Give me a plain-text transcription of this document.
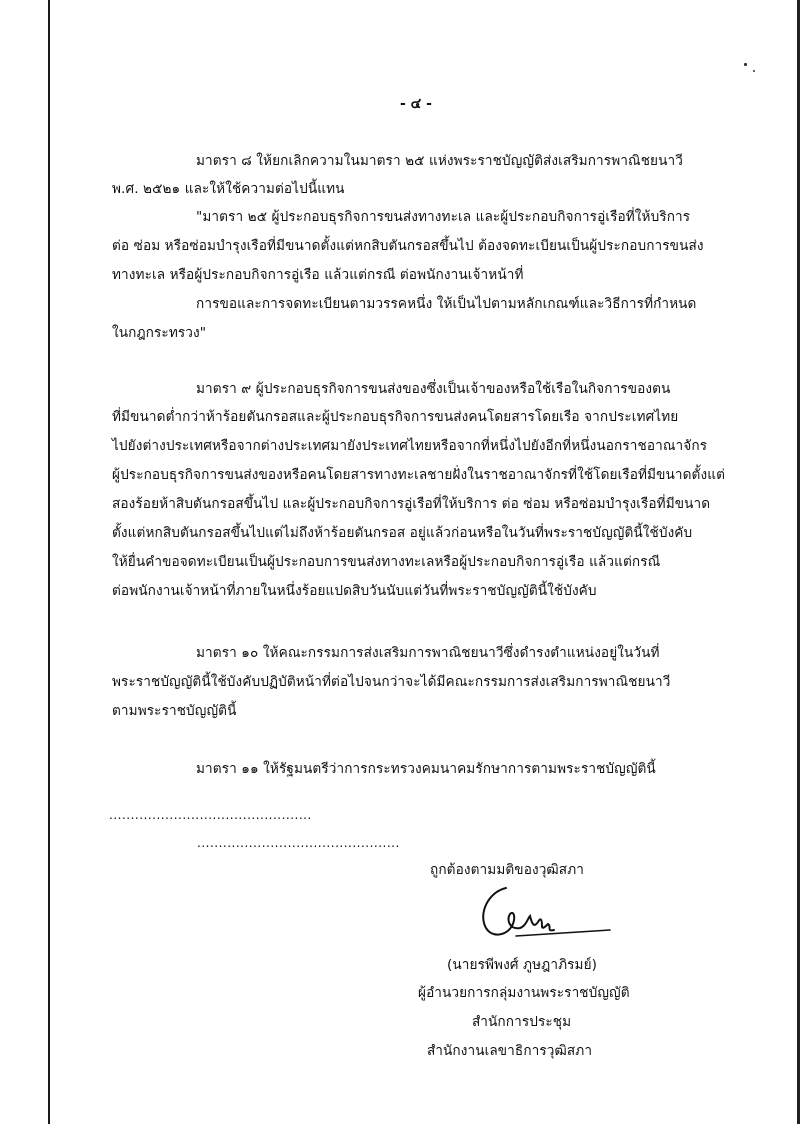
- ๔ -
มาตรา ๘ ให้ยกเลิกความในมาตรา ๒๕ แห่งพระราชบัญญัติส่งเสริมการพาณิชยนาวี
พ.ศ. ๒๕๒๑ และให้ใช้ความต่อไปนี้แทน
"มาตรา ๒๕ ผู้ประกอบธุรกิจการขนส่งทางทะเล และผู้ประกอบกิจการอู่เรือที่ให้บริการ
ต่อ ซ่อม หรือซ่อมบำรุงเรือที่มีขนาดตั้งแต่หกสิบตันกรอสขึ้นไป ต้องจดทะเบียนเป็นผู้ประกอบการขนส่ง
ทางทะเล หรือผู้ประกอบกิจการอู่เรือ แล้วแต่กรณี ต่อพนักงานเจ้าหน้าที่
การขอและการจดทะเบียนตามวรรคหนึ่ง ให้เป็นไปตามหลักเกณฑ์และวิธีการที่กำหนด
ในกฎกระทรวง"
มาตรา ๙ ผู้ประกอบธุรกิจการขนส่งของซึ่งเป็นเจ้าของหรือใช้เรือในกิจการของตน
ที่มีขนาดต่ำกว่าห้าร้อยตันกรอสและผู้ประกอบธุรกิจการขนส่งคนโดยสารโดยเรือ จากประเทศไทย
ไปยังต่างประเทศหรือจากต่างประเทศมายังประเทศไทยหรือจากที่หนึ่งไปยังอีกที่หนึ่งนอกราชอาณาจักร
ผู้ประกอบธุรกิจการขนส่งของหรือคนโดยสารทางทะเลชายฝั่งในราชอาณาจักรที่ใช้โดยเรือที่มีขนาดตั้งแต่
สองร้อยห้าสิบตันกรอสขึ้นไป และผู้ประกอบกิจการอู่เรือที่ให้บริการ ต่อ ซ่อม หรือซ่อมบำรุงเรือที่มีขนาด
ตั้งแต่หกสิบตันกรอสขึ้นไปแต่ไม่ถึงห้าร้อยตันกรอส อยู่แล้วก่อนหรือในวันที่พระราชบัญญัตินี้ใช้บังคับ
ให้ยื่นคำขอจดทะเบียนเป็นผู้ประกอบการขนส่งทางทะเลหรือผู้ประกอบกิจการอู่เรือ แล้วแต่กรณี
ต่อพนักงานเจ้าหน้าที่ภายในหนึ่งร้อยแปดสิบวันนับแต่วันที่พระราชบัญญัตินี้ใช้บังคับ
มาตรา ๑๐ ให้คณะกรรมการส่งเสริมการพาณิชยนาวีซึ่งดำรงตำแหน่งอยู่ในวันที่
พระราชบัญญัตินี้ใช้บังคับปฏิบัติหน้าที่ต่อไปจนกว่าจะได้มีคณะกรรมการส่งเสริมการพาณิชยนาวี
ตามพระราชบัญญัตินี้
มาตรา ๑๑ ให้รัฐมนตรีว่าการกระทรวงคมนาคมรักษาการตามพระราชบัญญัตินี้
...............................................
...............................................
ถูกต้องตามมติของวุฒิสภา
(นายรพีพงศ์ ภูษฎาภิรมย์)
ผู้อำนวยการกลุ่มงานพระราชบัญญัติ
สำนักการประชุม
สำนักงานเลขาธิการวุฒิสภา
